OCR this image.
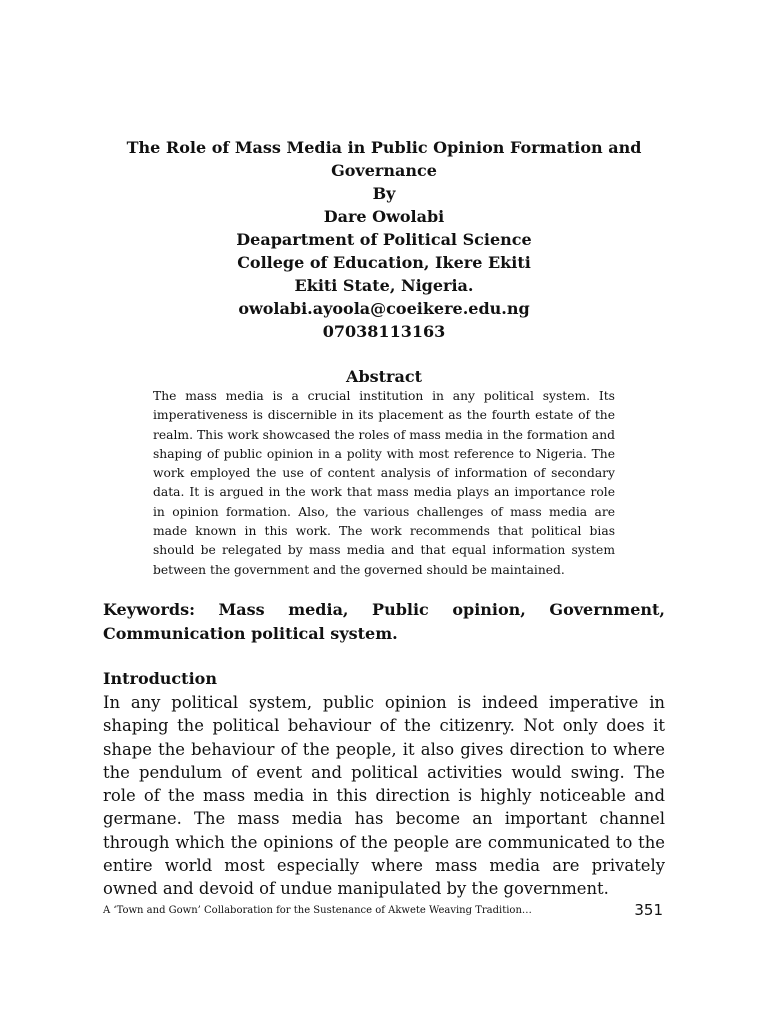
The Role of Mass Media in Public Opinion Formation and Governance
By
Dare Owolabi
Deapartment of Political Science
College of Education, Ikere Ekiti
Ekiti State, Nigeria.
owolabi.ayoola@coeikere.edu.ng
07038113163
Abstract
The mass media is a crucial institution in any political system. Its imperativeness is discernible in its placement as the fourth estate of the realm. This work showcased the roles of mass media in the formation and shaping of public opinion in a polity with most reference to Nigeria. The work employed the use of content analysis of information of secondary data. It is argued in the work that mass media plays an importance role in opinion formation. Also, the various challenges of mass media are made known in this work. The work recommends that political bias should be relegated by mass media and that equal information system between the government and the governed should be maintained.
Keywords: Mass media, Public opinion, Government, Communication political system.
Introduction
In any political system, public opinion is indeed imperative in shaping the political behaviour of the citizenry. Not only does it shape the behaviour of the people, it also gives direction to where the pendulum of event and political activities would swing. The role of the mass media in this direction is highly noticeable and germane. The mass media has become an important channel through which the opinions of the people are communicated to the entire world most especially where mass media are privately owned and devoid of undue manipulated by the government.
A ‘Town and Gown’ Collaboration for the Sustenance of Akwete Weaving Tradition…	351
